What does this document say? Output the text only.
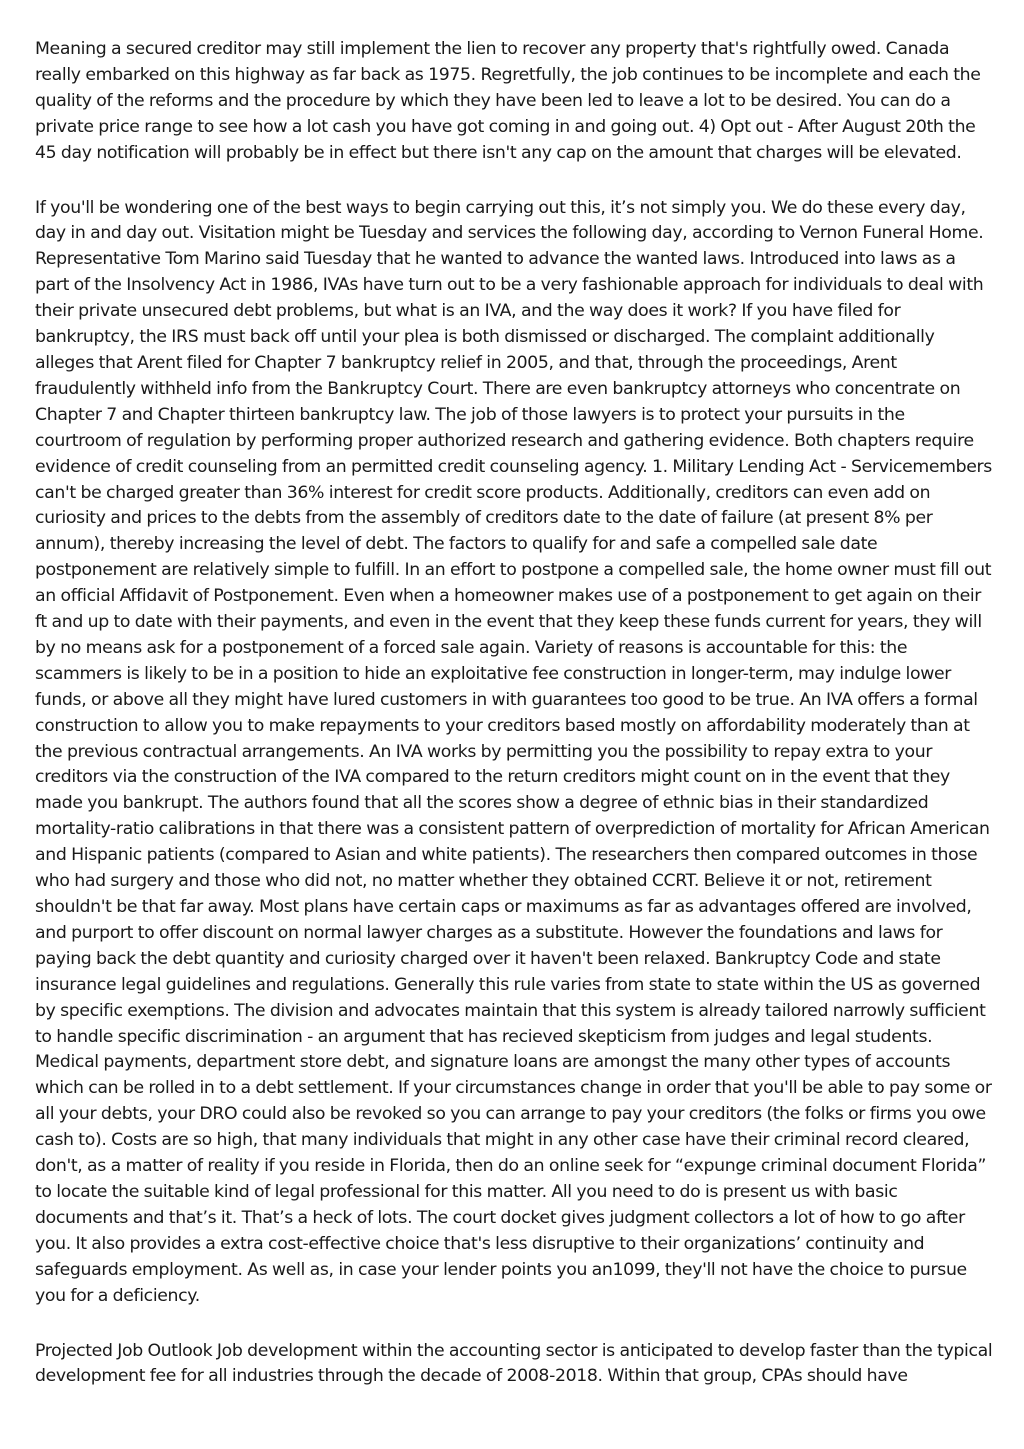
Meaning a secured creditor may still implement the lien to recover any property that's rightfully owed. Canada really embarked on this highway as far back as 1975. Regretfully, the job continues to be incomplete and each the quality of the reforms and the procedure by which they have been led to leave a lot to be desired. You can do a private price range to see how a lot cash you have got coming in and going out. 4) Opt out - After August 20th the 45 day notification will probably be in effect but there isn't any cap on the amount that charges will be elevated.

If you'll be wondering one of the best ways to begin carrying out this, it’s not simply you. We do these every day, day in and day out. Visitation might be Tuesday and services the following day, according to Vernon Funeral Home. Representative Tom Marino said Tuesday that he wanted to advance the wanted laws. Introduced into laws as a part of the Insolvency Act in 1986, IVAs have turn out to be a very fashionable approach for individuals to deal with their private unsecured debt problems, but what is an IVA, and the way does it work? If you have filed for bankruptcy, the IRS must back off until your plea is both dismissed or discharged. The complaint additionally alleges that Arent filed for Chapter 7 bankruptcy relief in 2005, and that, through the proceedings, Arent fraudulently withheld info from the Bankruptcy Court. There are even bankruptcy attorneys who concentrate on Chapter 7 and Chapter thirteen bankruptcy law. The job of those lawyers is to protect your pursuits in the courtroom of regulation by performing proper authorized research and gathering evidence. Both chapters require evidence of credit counseling from an permitted credit counseling agency. 1. Military Lending Act - Servicemembers can't be charged greater than 36% interest for credit score products. Additionally, creditors can even add on curiosity and prices to the debts from the assembly of creditors date to the date of failure (at present 8% per annum), thereby increasing the level of debt. The factors to qualify for and safe a compelled sale date postponement are relatively simple to fulfill. In an effort to postpone a compelled sale, the home owner must fill out an official Affidavit of Postponement. Even when a homeowner makes use of a postponement to get again on their ft and up to date with their payments, and even in the event that they keep these funds current for years, they will by no means ask for a postponement of a forced sale again. Variety of reasons is accountable for this: the scammers is likely to be in a position to hide an exploitative fee construction in longer-term, may indulge lower funds, or above all they might have lured customers in with guarantees too good to be true. An IVA offers a formal construction to allow you to make repayments to your creditors based mostly on affordability moderately than at the previous contractual arrangements. An IVA works by permitting you the possibility to repay extra to your creditors via the construction of the IVA compared to the return creditors might count on in the event that they made you bankrupt. The authors found that all the scores show a degree of ethnic bias in their standardized mortality-ratio calibrations in that there was a consistent pattern of overprediction of mortality for African American and Hispanic patients (compared to Asian and white patients). The researchers then compared outcomes in those who had surgery and those who did not, no matter whether they obtained CCRT. Believe it or not, retirement shouldn't be that far away. Most plans have certain caps or maximums as far as advantages offered are involved, and purport to offer discount on normal lawyer charges as a substitute. However the foundations and laws for paying back the debt quantity and curiosity charged over it haven't been relaxed. Bankruptcy Code and state insurance legal guidelines and regulations. Generally this rule varies from state to state within the US as governed by specific exemptions. The division and advocates maintain that this system is already tailored narrowly sufficient to handle specific discrimination - an argument that has recieved skepticism from judges and legal students. Medical payments, department store debt, and signature loans are amongst the many other types of accounts which can be rolled in to a debt settlement. If your circumstances change in order that you'll be able to pay some or all your debts, your DRO could also be revoked so you can arrange to pay your creditors (the folks or firms you owe cash to). Costs are so high, that many individuals that might in any other case have their criminal record cleared, don't, as a matter of reality if you reside in Florida, then do an online seek for “expunge criminal document Florida” to locate the suitable kind of legal professional for this matter. All you need to do is present us with basic documents and that’s it. That’s a heck of lots. The court docket gives judgment collectors a lot of how to go after you. It also provides a extra cost-effective choice that's less disruptive to their organizations’ continuity and safeguards employment. As well as, in case your lender points you an1099, they'll not have the choice to pursue you for a deficiency.

Projected Job Outlook Job development within the accounting sector is anticipated to develop faster than the typical development fee for all industries through the decade of 2008-2018. Within that group, CPAs should have
